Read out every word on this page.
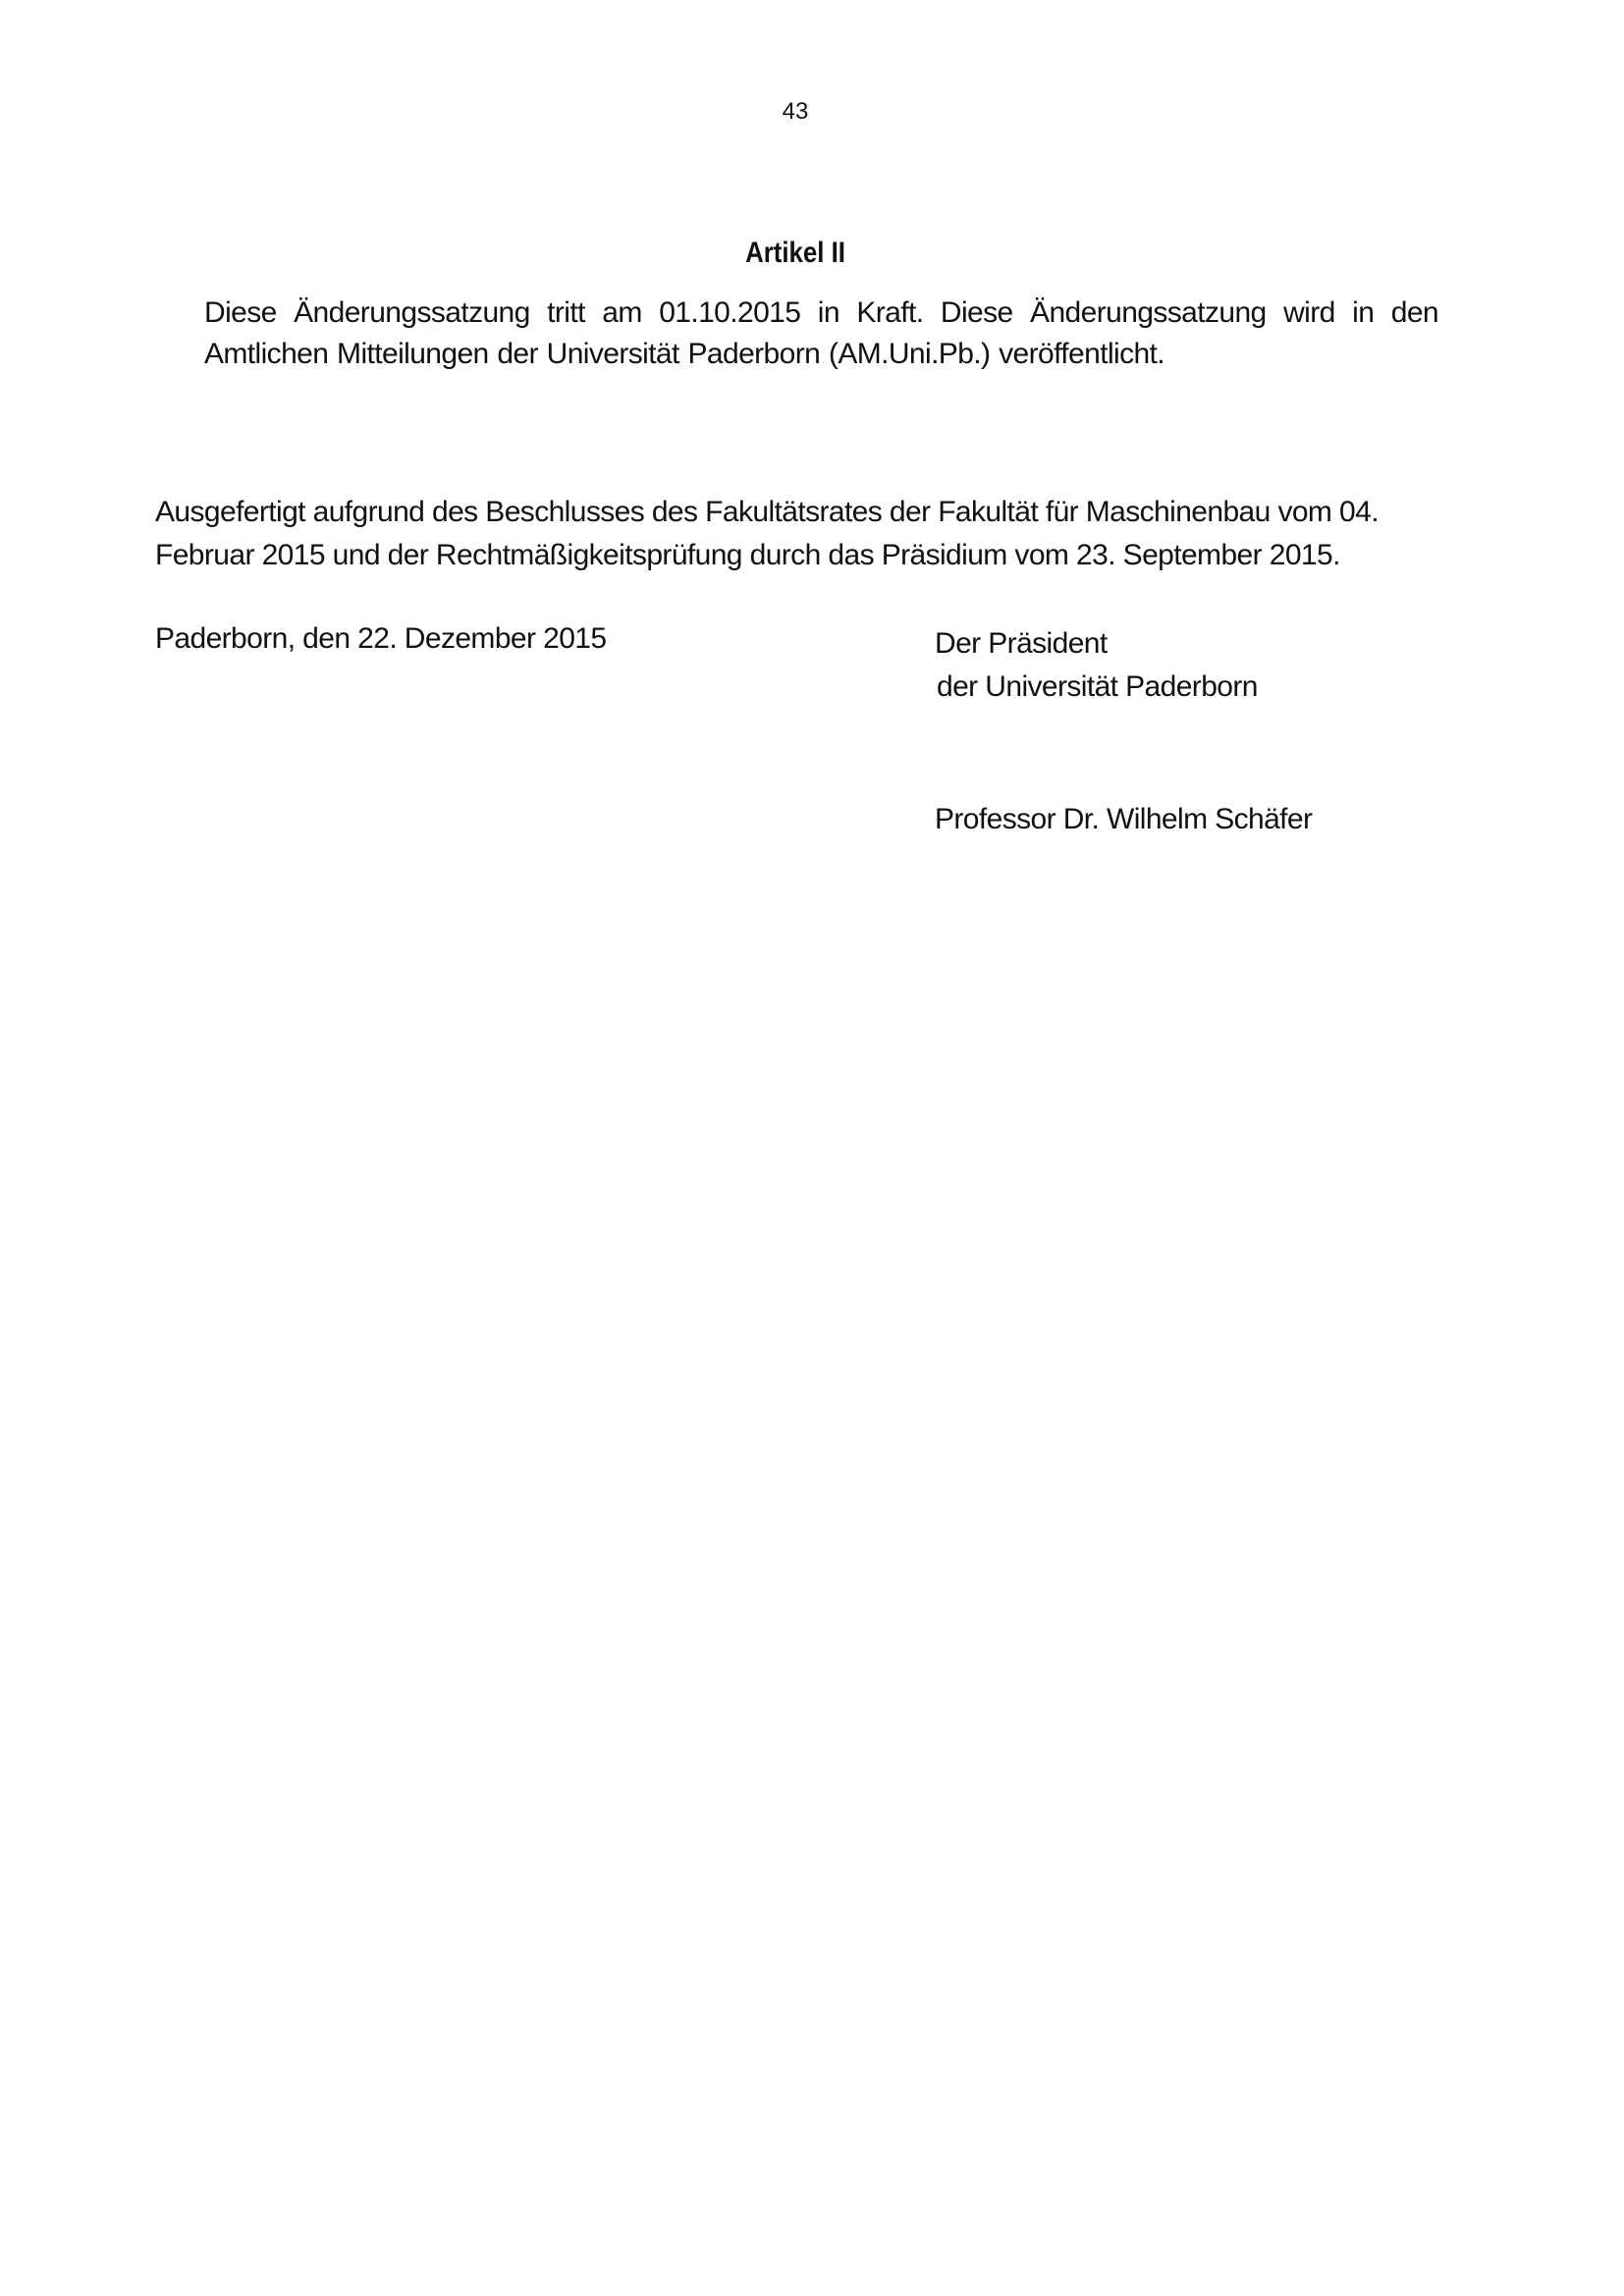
43
Artikel II
Diese Änderungssatzung tritt am 01.10.2015 in Kraft. Diese Änderungssatzung wird in den Amtlichen Mitteilungen der Universität Paderborn (AM.Uni.Pb.) veröffentlicht.
Ausgefertigt aufgrund des Beschlusses des Fakultätsrates der Fakultät für Maschinenbau vom 04. Februar 2015 und der Rechtmäßigkeitsprüfung durch das Präsidium vom 23. September 2015.
Paderborn, den 22. Dezember 2015	Der Präsident
der Universität Paderborn
Professor Dr. Wilhelm Schäfer
